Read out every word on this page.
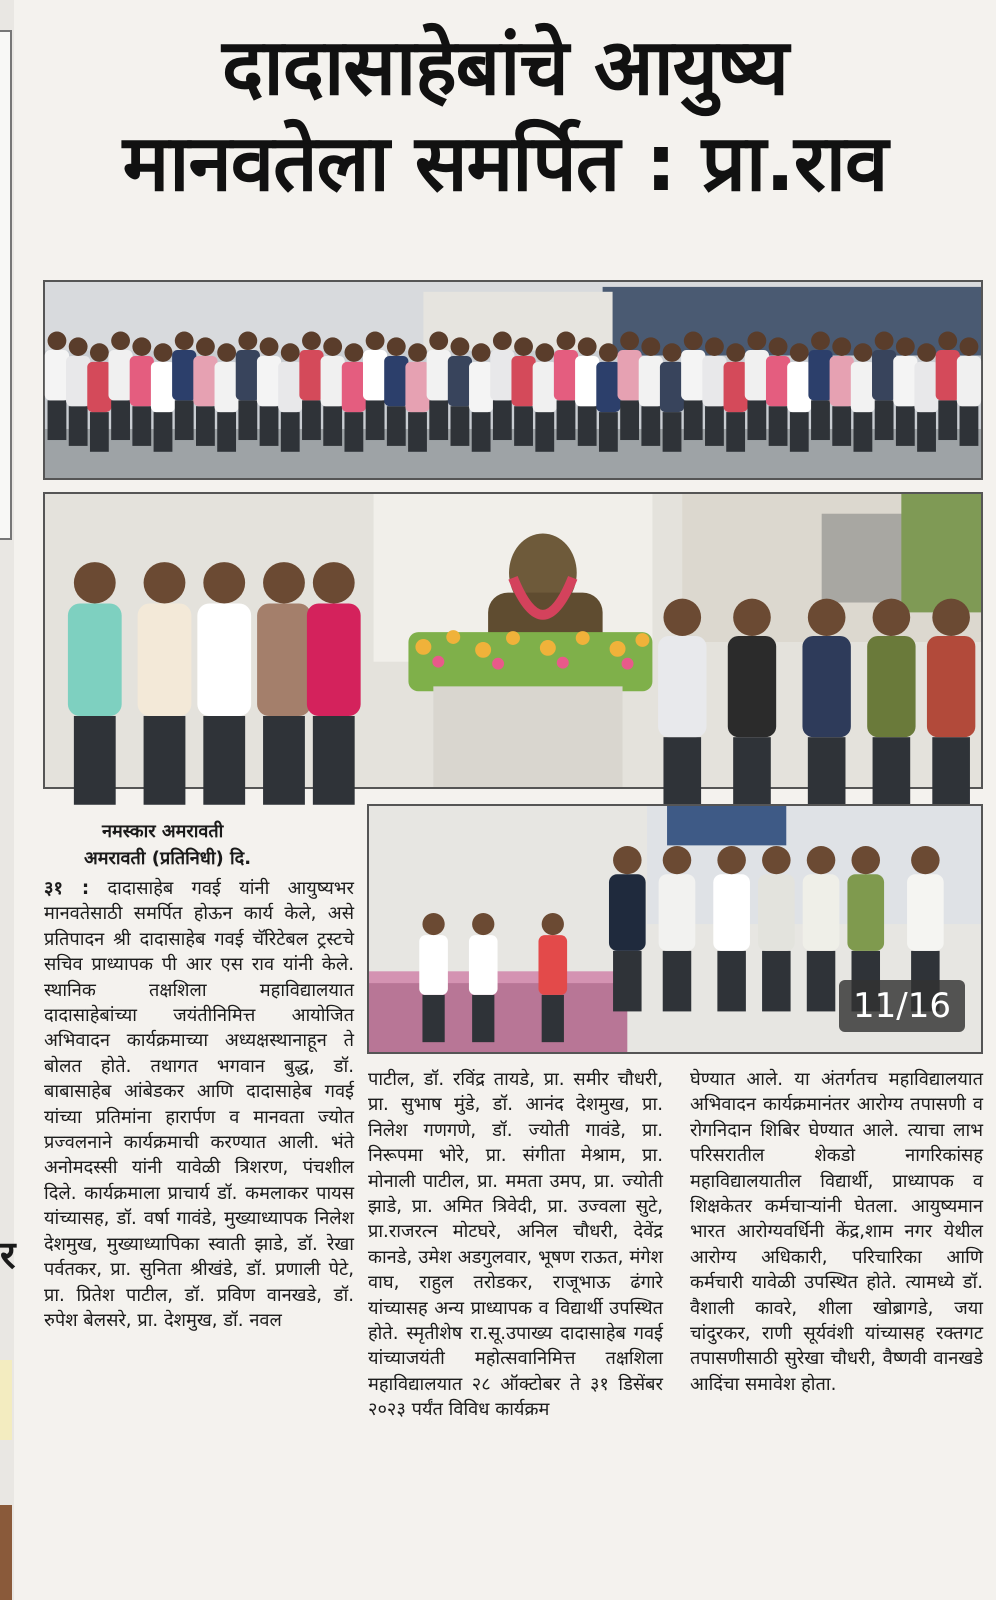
र
दादासाहेबांचे आयुष्य
मानवतेला समर्पित : प्रा.राव
11/16
नमस्कार अमरावती
अमरावती (प्रतिनिधी) दि.

३१ : दादासाहेब गवई यांनी आयुष्यभर मानवतेसाठी समर्पित होऊन कार्य केले, असे प्रतिपादन श्री दादासाहेब गवई चॅरिटेबल ट्रस्टचे सचिव प्राध्यापक पी आर एस राव यांनी केले. स्थानिक तक्षशिला महाविद्यालयात दादासाहेबांच्या जयंतीनिमित्त आयोजित अभिवादन कार्यक्रमाच्या अध्यक्षस्थानाहून ते बोलत होते. तथागत भगवान बुद्ध, डॉ. बाबासाहेब आंबेडकर आणि दादासाहेब गवई यांच्या प्रतिमांना हारार्पण व मानवता ज्योत प्रज्वलनाने कार्यक्रमाची करण्यात आली. भंते अनोमदस्सी यांनी यावेळी त्रिशरण, पंचशील दिले. कार्यक्रमाला प्राचार्य डॉ. कमलाकर पायस यांच्यासह, डॉ. वर्षा गावंडे, मुख्याध्यापक निलेश देशमुख, मुख्याध्यापिका स्वाती झाडे, डॉ. रेखा पर्वतकर, प्रा. सुनिता श्रीखंडे, डॉ. प्रणाली पेटे, प्रा. प्रितेश पाटील, डॉ. प्रविण वानखडे, डॉ. रुपेश बेलसरे, प्रा. देशमुख, डॉ. नवल

पाटील, डॉ. रविंद्र तायडे, प्रा. समीर चौधरी, प्रा. सुभाष मुंडे, डॉ. आनंद देशमुख, प्रा. निलेश गणगणे, डॉ. ज्योती गावंडे, प्रा. निरूपमा भोरे, प्रा. संगीता मेश्राम, प्रा. मोनाली पाटील, प्रा. ममता उमप, प्रा. ज्योती झाडे, प्रा. अमित त्रिवेदी, प्रा. उज्वला सुटे, प्रा.राजरत्न मोटघरे, अनिल चौधरी, देवेंद्र कानडे, उमेश अडगुलवार, भूषण राऊत, मंगेश वाघ, राहुल तरोडकर, राजूभाऊ ढंगारे यांच्यासह अन्य प्राध्यापक व विद्यार्थी उपस्थित होते. स्मृतीशेष रा.सू.उपाख्य दादासाहेब गवई यांच्याजयंती महोत्सवानिमित्त तक्षशिला महाविद्यालयात २८ ऑक्टोबर ते ३१ डिसेंबर २०२३ पर्यंत विविध कार्यक्रम

घेण्यात आले. या अंतर्गतच महाविद्यालयात अभिवादन कार्यक्रमानंतर आरोग्य तपासणी व रोगनिदान शिबिर घेण्यात आले. त्याचा लाभ परिसरातील शेकडो नागरिकांसह महाविद्यालयातील विद्यार्थी, प्राध्यापक व शिक्षकेतर कर्मचाऱ्यांनी घेतला. आयुष्यमान भारत आरोग्यवर्धिनी केंद्र,शाम नगर येथील आरोग्य अधिकारी, परिचारिका आणि कर्मचारी यावेळी उपस्थित होते. त्यामध्ये डॉ. वैशाली कावरे, शीला खोब्रागडे, जया चांदुरकर, राणी सूर्यवंशी यांच्यासह रक्तगट तपासणीसाठी सुरेखा चौधरी, वैष्णवी वानखडे आदिंचा समावेश होता.
